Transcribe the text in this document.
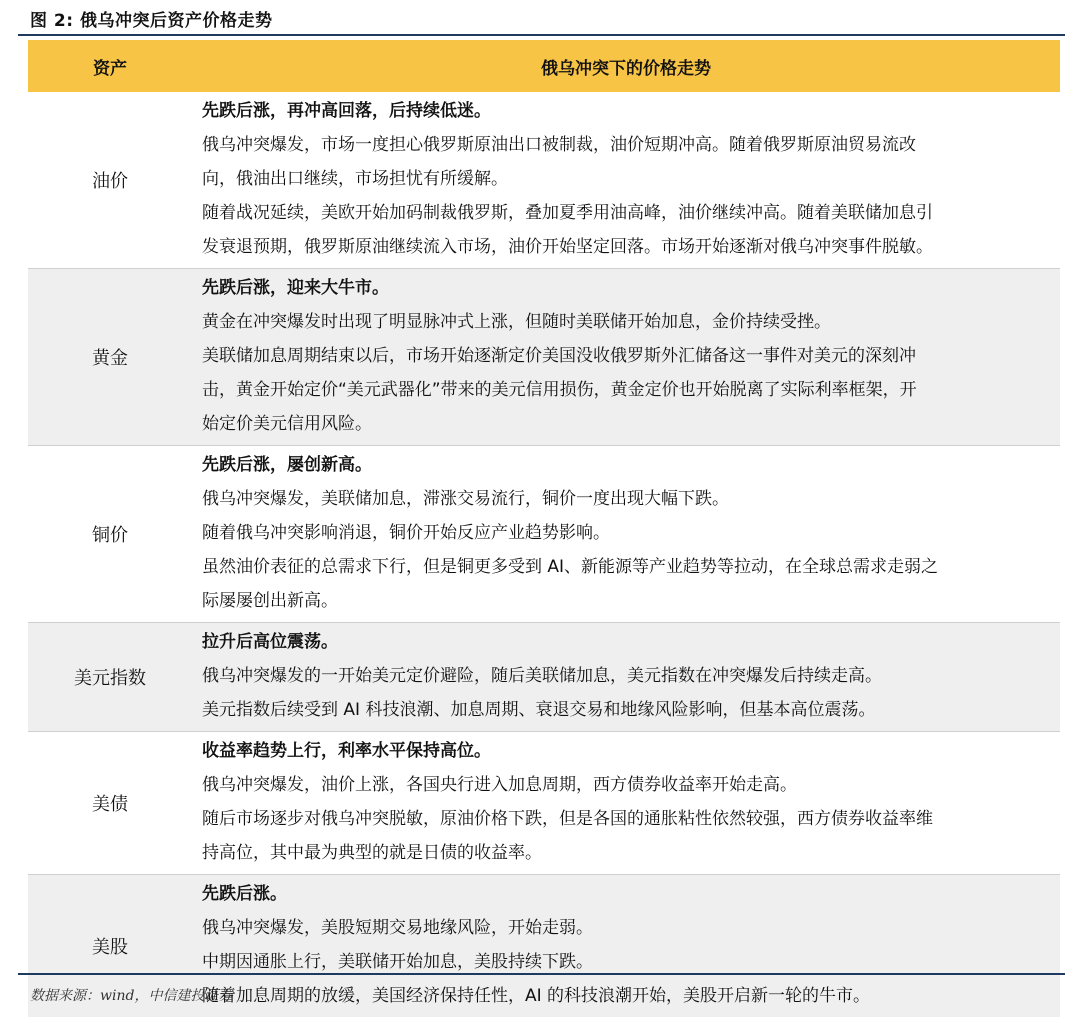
图 2: 俄乌冲突后资产价格走势
资产	俄乌冲突下的价格走势
油价	先跌后涨，再冲高回落，后持续低迷。
俄乌冲突爆发，市场一度担心俄罗斯原油出口被制裁，油价短期冲高。随着俄罗斯原油贸易流改
向，俄油出口继续，市场担忧有所缓解。
随着战况延续，美欧开始加码制裁俄罗斯，叠加夏季用油高峰，油价继续冲高。随着美联储加息引
发衰退预期，俄罗斯原油继续流入市场，油价开始坚定回落。市场开始逐渐对俄乌冲突事件脱敏。

黄金	先跌后涨，迎来大牛市。
黄金在冲突爆发时出现了明显脉冲式上涨，但随时美联储开始加息，金价持续受挫。
美联储加息周期结束以后，市场开始逐渐定价美国没收俄罗斯外汇储备这一事件对美元的深刻冲
击，黄金开始定价“美元武器化”带来的美元信用损伤，黄金定价也开始脱离了实际利率框架，开
始定价美元信用风险。

铜价	先跌后涨，屡创新高。
俄乌冲突爆发，美联储加息，滞涨交易流行，铜价一度出现大幅下跌。
随着俄乌冲突影响消退，铜价开始反应产业趋势影响。
虽然油价表征的总需求下行，但是铜更多受到 AI、新能源等产业趋势等拉动，在全球总需求走弱之
际屡屡创出新高。

美元指数	拉升后高位震荡。
俄乌冲突爆发的一开始美元定价避险，随后美联储加息，美元指数在冲突爆发后持续走高。
美元指数后续受到 AI 科技浪潮、加息周期、衰退交易和地缘风险影响，但基本高位震荡。

美债	收益率趋势上行，利率水平保持高位。
俄乌冲突爆发，油价上涨，各国央行进入加息周期，西方债券收益率开始走高。
随后市场逐步对俄乌冲突脱敏，原油价格下跌，但是各国的通胀粘性依然较强，西方债券收益率维
持高位，其中最为典型的就是日债的收益率。

美股	先跌后涨。
俄乌冲突爆发，美股短期交易地缘风险，开始走弱。
中期因通胀上行，美联储开始加息，美股持续下跌。
随着加息周期的放缓，美国经济保持任性，AI 的科技浪潮开始，美股开启新一轮的牛市。
数据来源：wind，中信建投证券
